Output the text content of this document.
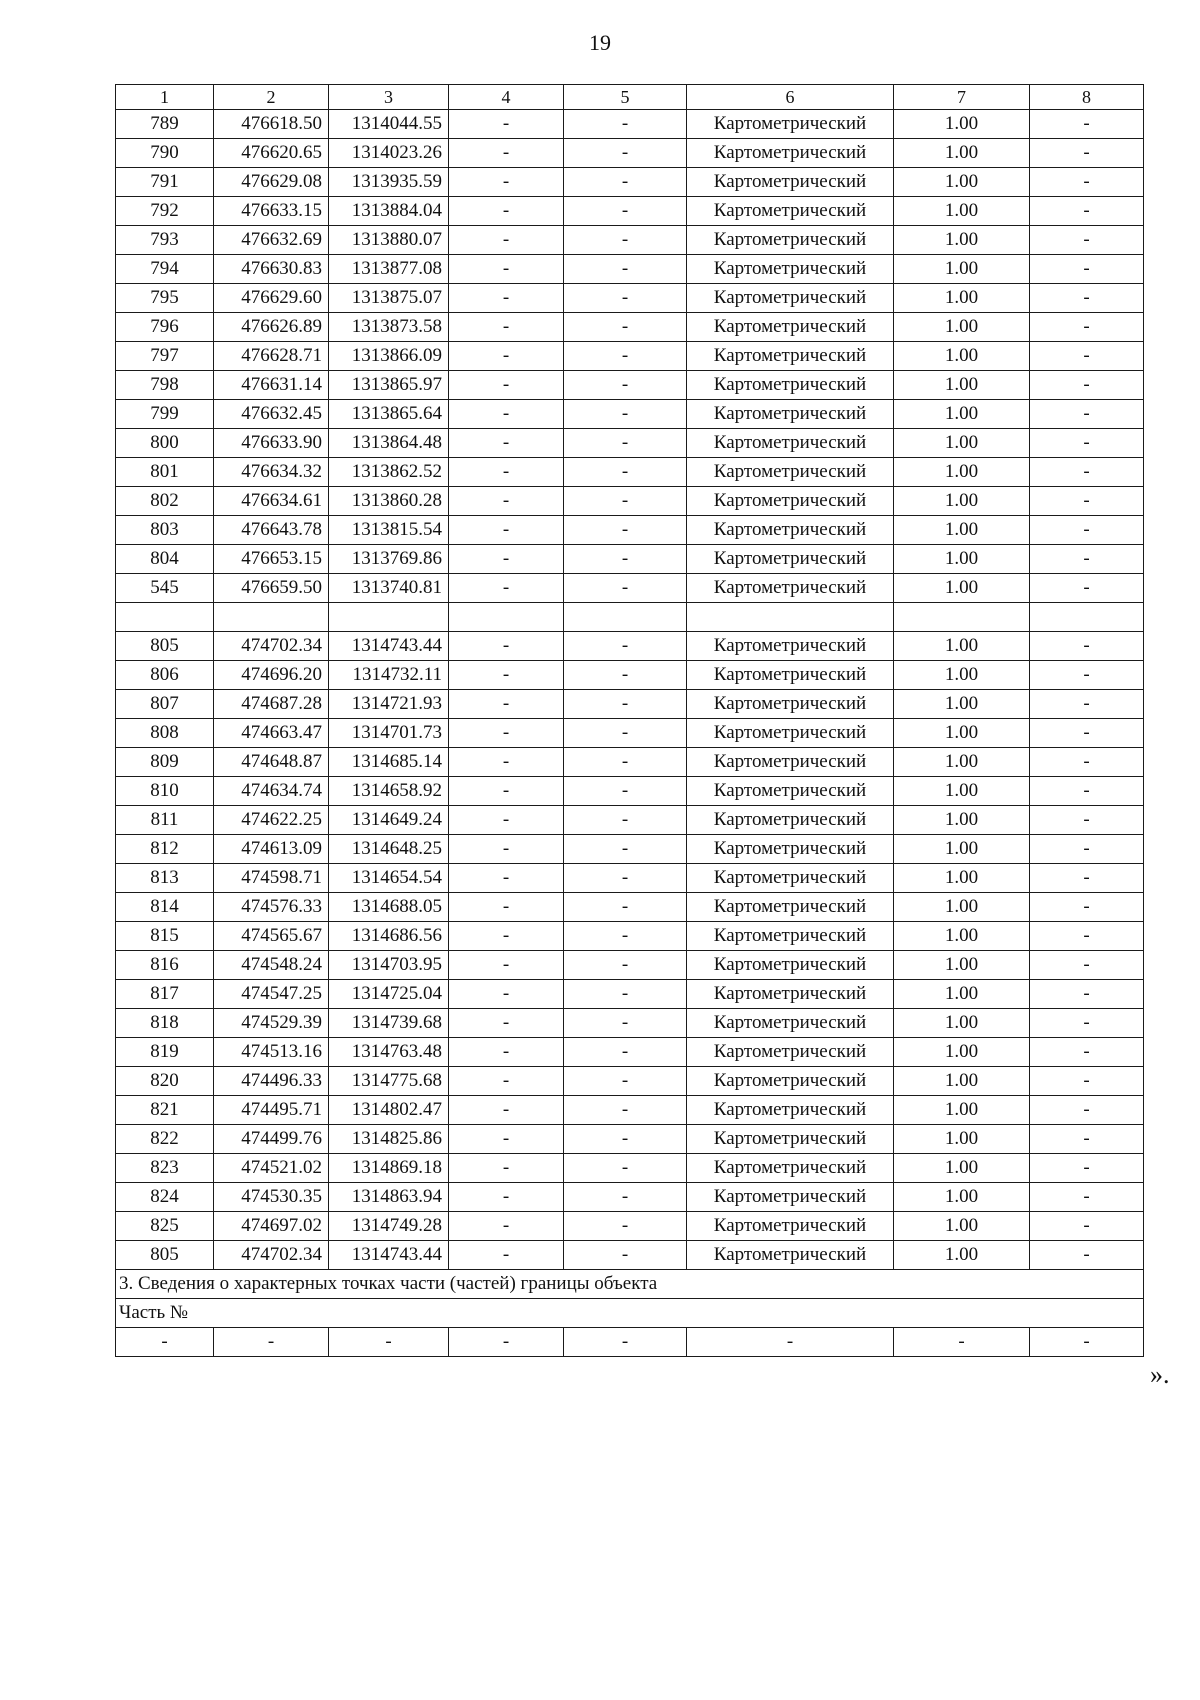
19
1	2	3	4	5	6	7	8
789	476618.50	1314044.55	-	-	Картометрический	1.00	-
790	476620.65	1314023.26	-	-	Картометрический	1.00	-
791	476629.08	1313935.59	-	-	Картометрический	1.00	-
792	476633.15	1313884.04	-	-	Картометрический	1.00	-
793	476632.69	1313880.07	-	-	Картометрический	1.00	-
794	476630.83	1313877.08	-	-	Картометрический	1.00	-
795	476629.60	1313875.07	-	-	Картометрический	1.00	-
796	476626.89	1313873.58	-	-	Картометрический	1.00	-
797	476628.71	1313866.09	-	-	Картометрический	1.00	-
798	476631.14	1313865.97	-	-	Картометрический	1.00	-
799	476632.45	1313865.64	-	-	Картометрический	1.00	-
800	476633.90	1313864.48	-	-	Картометрический	1.00	-
801	476634.32	1313862.52	-	-	Картометрический	1.00	-
802	476634.61	1313860.28	-	-	Картометрический	1.00	-
803	476643.78	1313815.54	-	-	Картометрический	1.00	-
804	476653.15	1313769.86	-	-	Картометрический	1.00	-
545	476659.50	1313740.81	-	-	Картометрический	1.00	-

805	474702.34	1314743.44	-	-	Картометрический	1.00	-
806	474696.20	1314732.11	-	-	Картометрический	1.00	-
807	474687.28	1314721.93	-	-	Картометрический	1.00	-
808	474663.47	1314701.73	-	-	Картометрический	1.00	-
809	474648.87	1314685.14	-	-	Картометрический	1.00	-
810	474634.74	1314658.92	-	-	Картометрический	1.00	-
811	474622.25	1314649.24	-	-	Картометрический	1.00	-
812	474613.09	1314648.25	-	-	Картометрический	1.00	-
813	474598.71	1314654.54	-	-	Картометрический	1.00	-
814	474576.33	1314688.05	-	-	Картометрический	1.00	-
815	474565.67	1314686.56	-	-	Картометрический	1.00	-
816	474548.24	1314703.95	-	-	Картометрический	1.00	-
817	474547.25	1314725.04	-	-	Картометрический	1.00	-
818	474529.39	1314739.68	-	-	Картометрический	1.00	-
819	474513.16	1314763.48	-	-	Картометрический	1.00	-
820	474496.33	1314775.68	-	-	Картометрический	1.00	-
821	474495.71	1314802.47	-	-	Картометрический	1.00	-
822	474499.76	1314825.86	-	-	Картометрический	1.00	-
823	474521.02	1314869.18	-	-	Картометрический	1.00	-
824	474530.35	1314863.94	-	-	Картометрический	1.00	-
825	474697.02	1314749.28	-	-	Картометрический	1.00	-
805	474702.34	1314743.44	-	-	Картометрический	1.00	-
3. Сведения о характерных точках части (частей) границы объекта							
Часть №							
-	-	-	-	-	-	-	-
».
